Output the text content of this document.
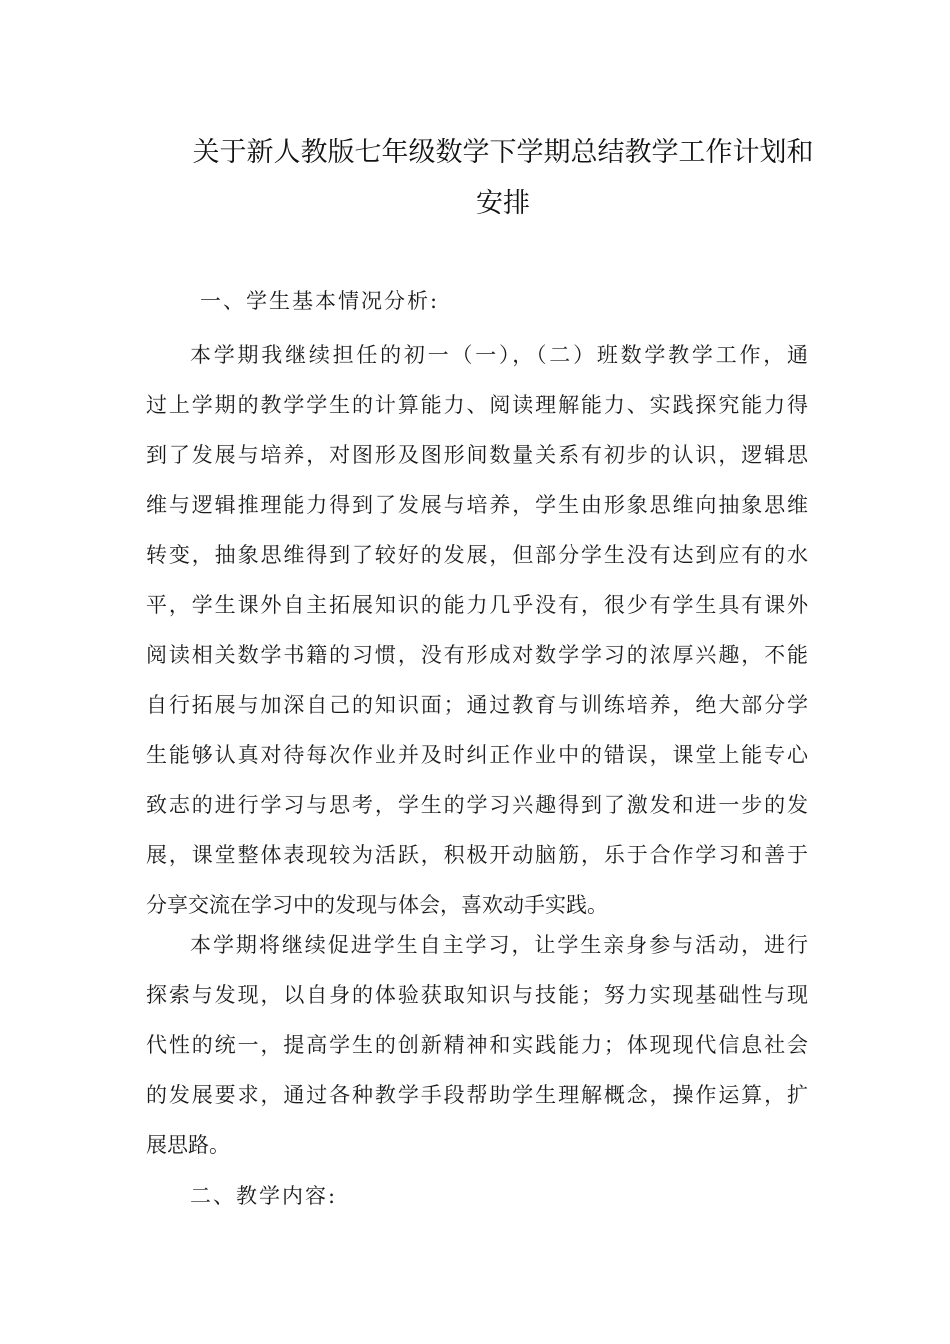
关于新人教版七年级数学下学期总结教学工作计划和
安排
一、学生基本情况分析:
本学期我继续担任的初一（一），（二）班数学教学工作，通
过上学期的教学学生的计算能力、阅读理解能力、实践探究能力得
到了发展与培养，对图形及图形间数量关系有初步的认识，逻辑思
维与逻辑推理能力得到了发展与培养，学生由形象思维向抽象思维
转变，抽象思维得到了较好的发展，但部分学生没有达到应有的水
平，学生课外自主拓展知识的能力几乎没有，很少有学生具有课外
阅读相关数学书籍的习惯，没有形成对数学学习的浓厚兴趣，不能
自行拓展与加深自己的知识面；通过教育与训练培养，绝大部分学
生能够认真对待每次作业并及时纠正作业中的错误，课堂上能专心
致志的进行学习与思考，学生的学习兴趣得到了激发和进一步的发
展，课堂整体表现较为活跃，积极开动脑筋，乐于合作学习和善于
分享交流在学习中的发现与体会，喜欢动手实践。
本学期将继续促进学生自主学习，让学生亲身参与活动，进行
探索与发现，以自身的体验获取知识与技能；努力实现基础性与现
代性的统一，提高学生的创新精神和实践能力；体现现代信息社会
的发展要求，通过各种教学手段帮助学生理解概念，操作运算，扩
展思路。
二、教学内容:
